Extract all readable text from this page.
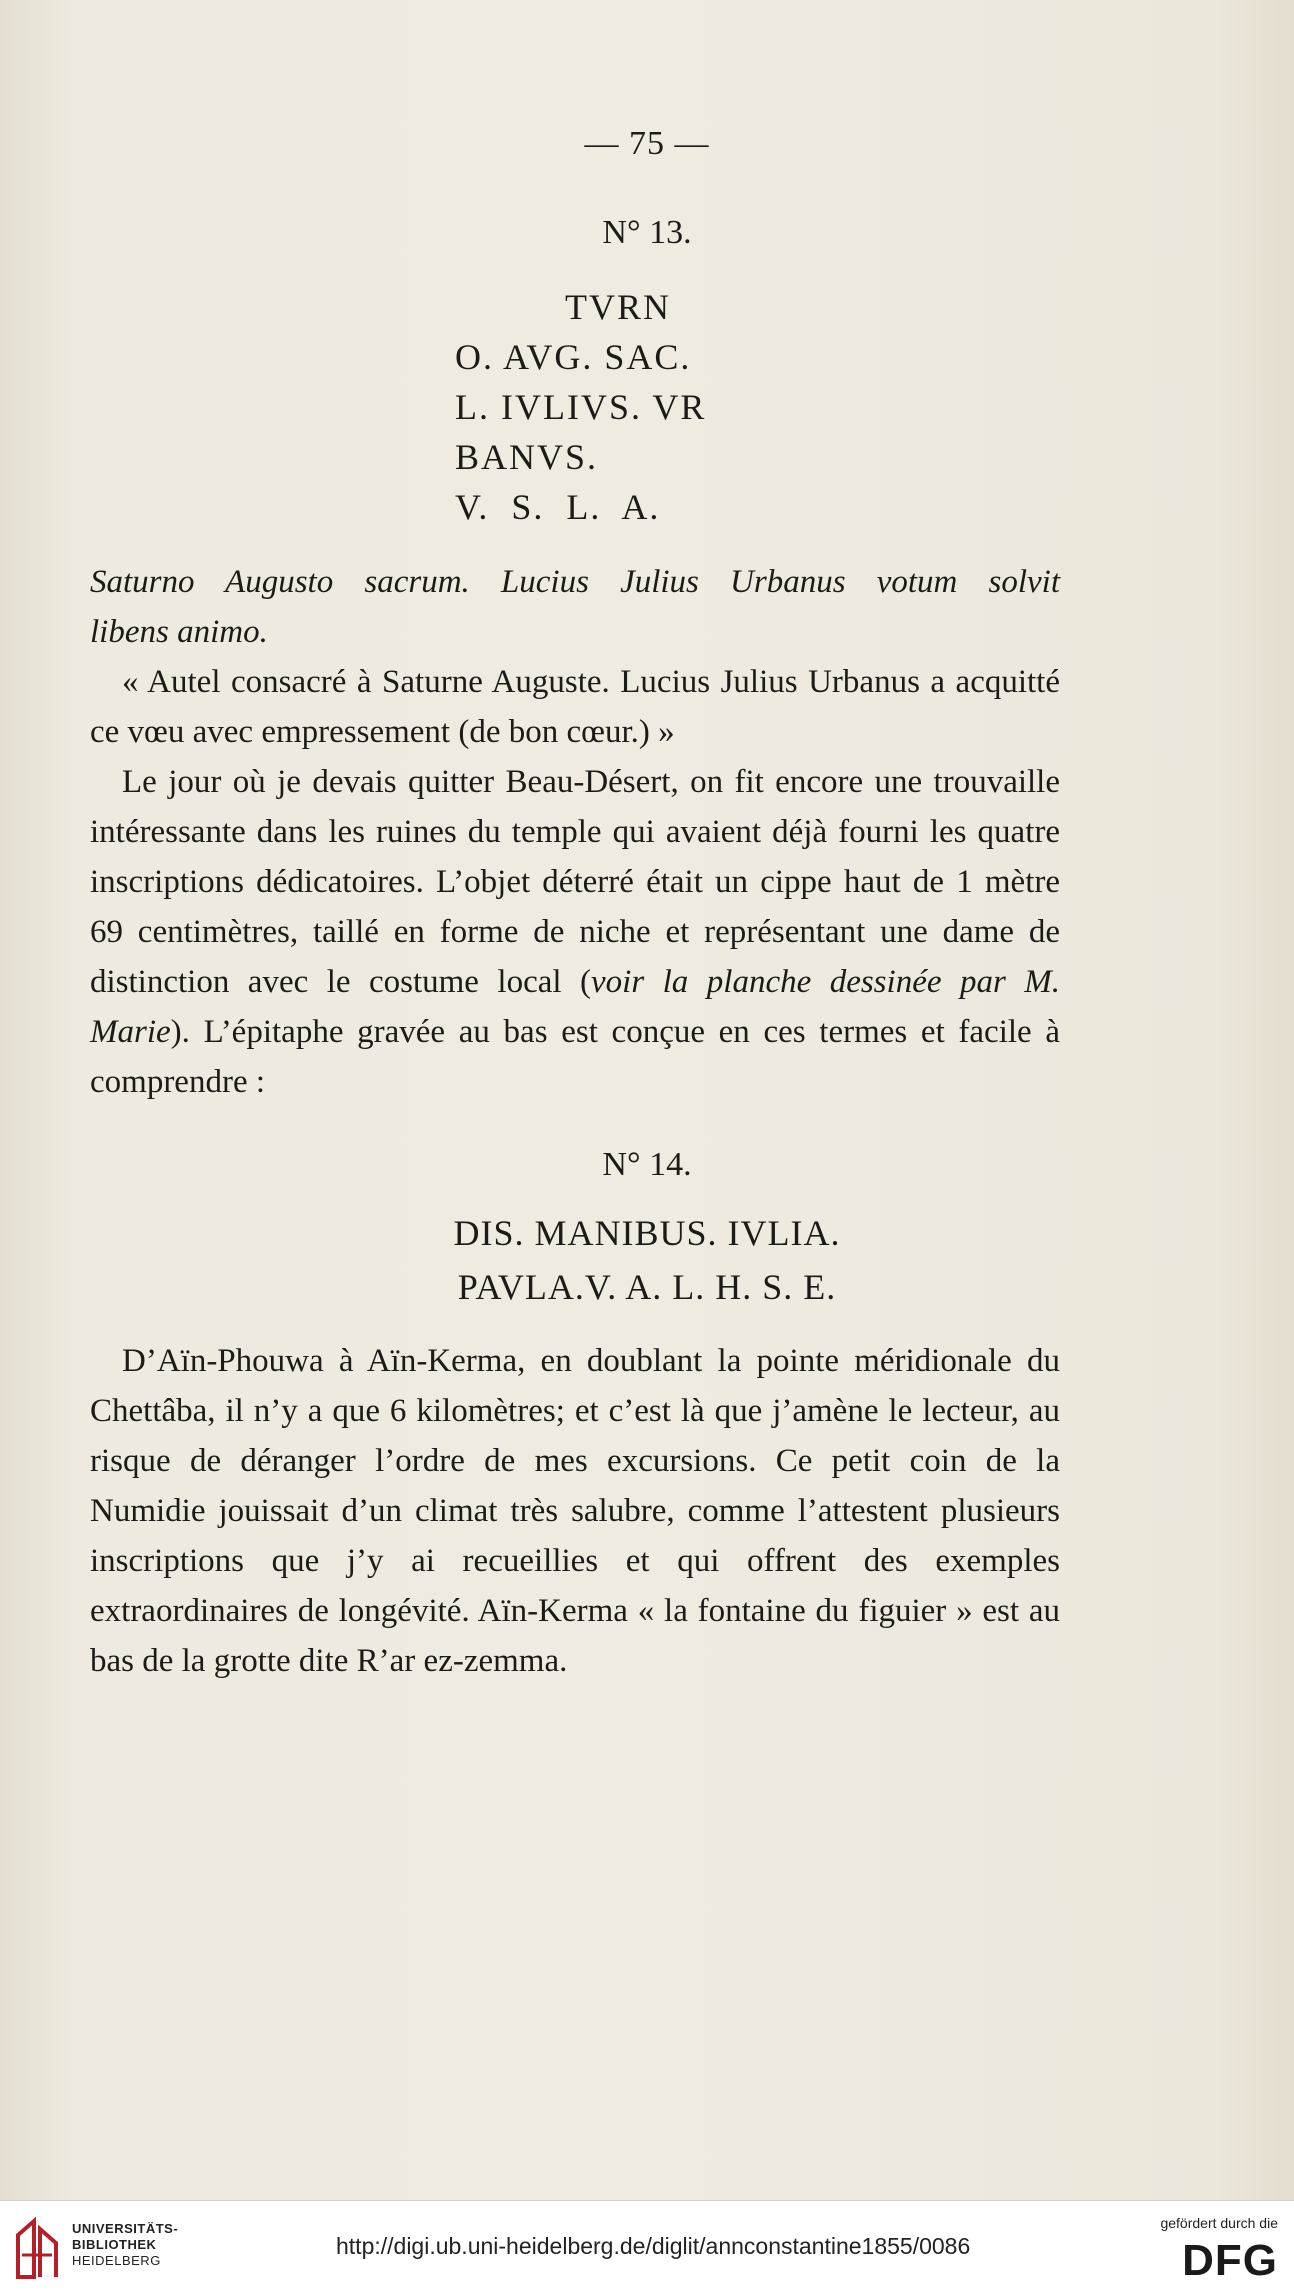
— 75 —
N° 13.
TVRN
O. AVG. SAC.
L. IVLIVS. VR
BANVS.
V.  S.  L.  A.

Saturno Augusto sacrum. Lucius Julius Urbanus votum solvit

libens animo.

« Autel consacré à Saturne Auguste. Lucius Julius Urbanus a acquitté ce vœu avec empressement (de bon cœur.) »

Le jour où je devais quitter Beau-Désert, on fit encore une trouvaille intéressante dans les ruines du temple qui avaient déjà fourni les quatre inscriptions dédicatoires. L’objet déterré était un cippe haut de 1 mètre 69 centimètres, taillé en forme de niche et représentant une dame de distinction avec le costume local (voir la planche dessinée par M. Marie). L’épitaphe gravée au bas est conçue en ces termes et facile à comprendre :

N° 14.
DIS. MANIBUS. IVLIA.
PAVLA.V. A. L. H. S. E.

D’Aïn-Phouwa à Aïn-Kerma, en doublant la pointe méridionale du Chettâba, il n’y a que 6 kilomètres; et c’est là que j’amène le lecteur, au risque de déranger l’ordre de mes excursions. Ce petit coin de la Numidie jouissait d’un climat très salubre, comme l’attestent plusieurs inscriptions que j’y ai recueillies et qui offrent des exemples extraordinaires de longévité. Aïn-Kerma « la fontaine du figuier » est au bas de la grotte dite R’ar ez-zemma.

UNIVERSITÄTS-
BIBLIOTHEK
HEIDELBERG
http://digi.ub.uni-heidelberg.de/diglit/annconstantine1855/0086
gefördert durch die
DFG
